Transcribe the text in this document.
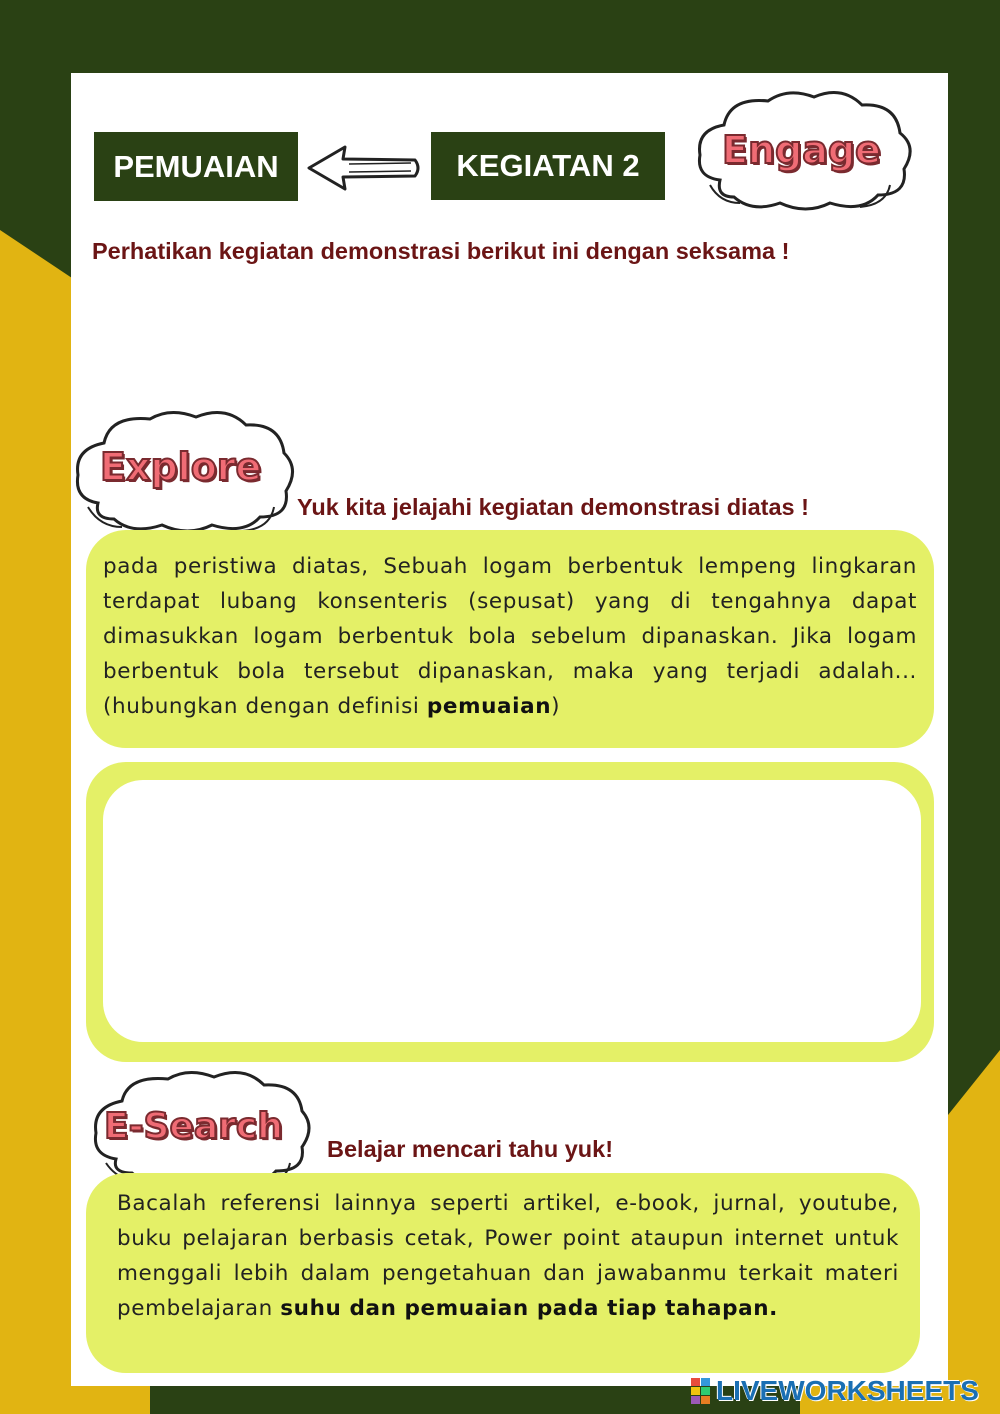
PEMUAIAN	KEGIATAN 2	Engage
Perhatikan kegiatan demonstrasi berikut ini dengan seksama !
Explore
Yuk kita jelajahi kegiatan demonstrasi diatas !
pada peristiwa diatas, Sebuah logam berbentuk lempeng lingkaran terdapat lubang konsenteris (sepusat) yang di tengahnya dapat dimasukkan logam berbentuk bola sebelum dipanaskan. Jika logam berbentuk bola tersebut dipanaskan, maka yang terjadi adalah... (hubungkan dengan definisi pemuaian)
E-Search
Belajar mencari tahu yuk!
Bacalah referensi lainnya seperti artikel, e-book, jurnal, youtube, buku pelajaran berbasis cetak, Power point ataupun internet untuk menggali lebih dalam pengetahuan dan jawabanmu terkait materi pembelajaran suhu dan pemuaian pada tiap tahapan.
LIVEWORKSHEETS
